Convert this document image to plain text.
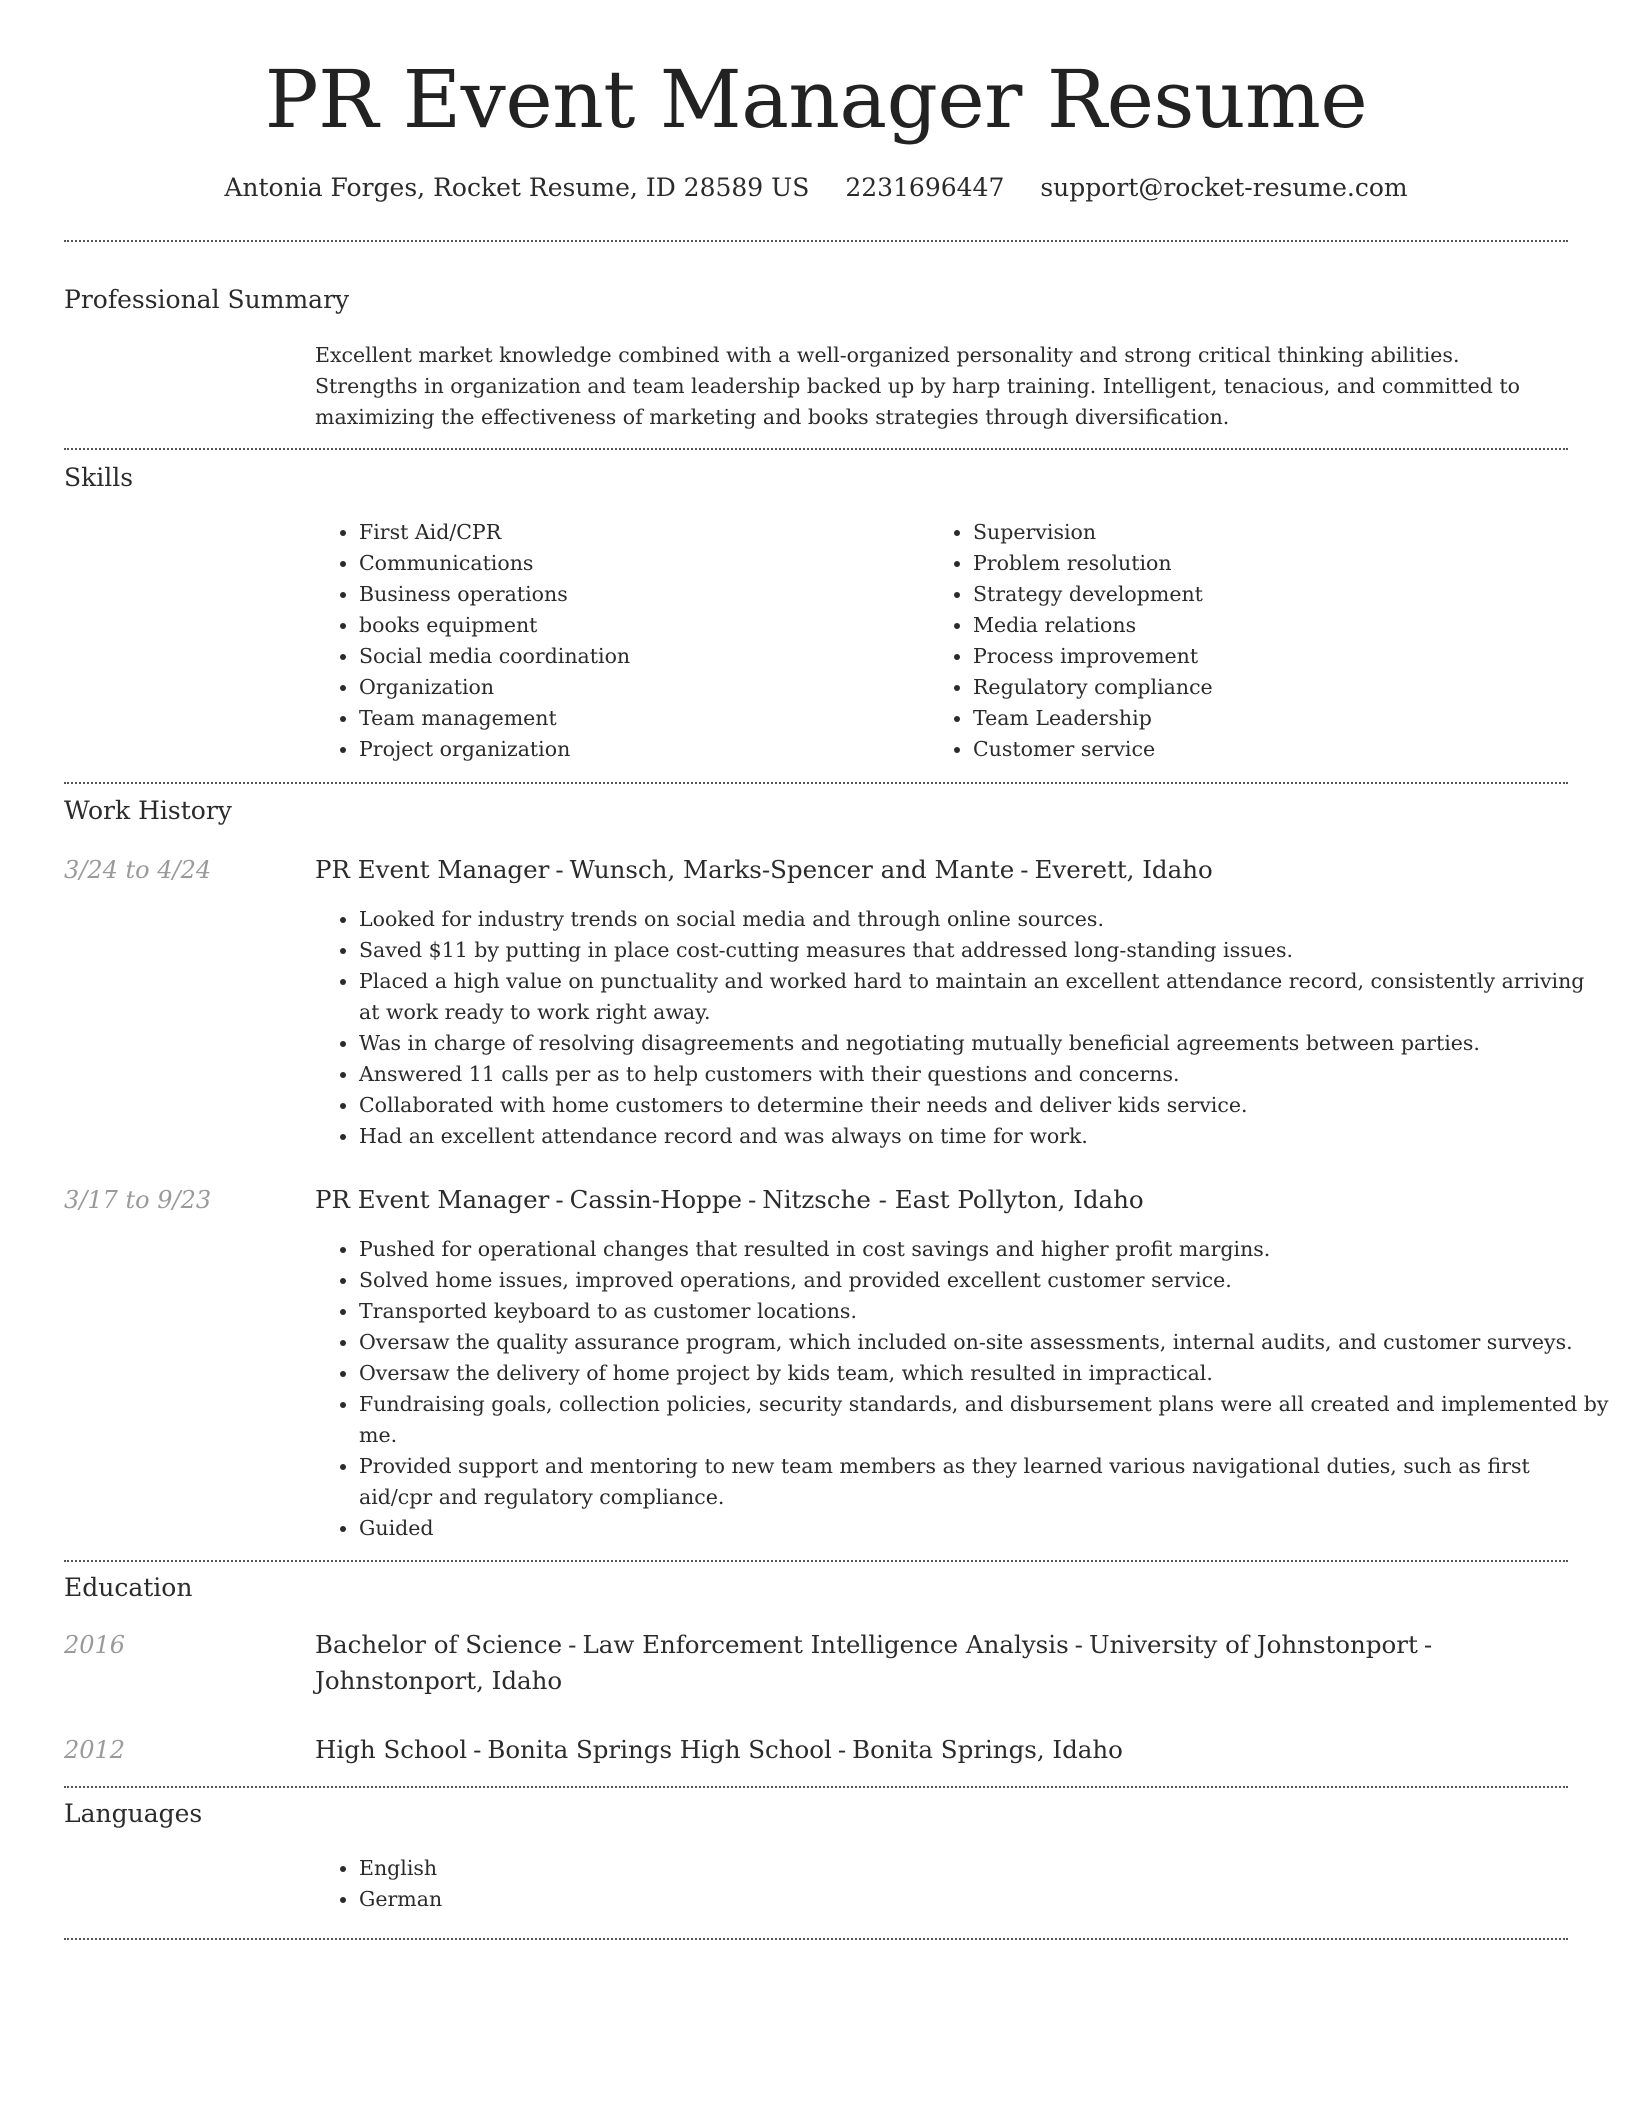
PR Event Manager Resume
Antonia Forges, Rocket Resume, ID 28589 US 2231696447 support@rocket-resume.com
Professional Summary

Excellent market knowledge combined with a well-organized personality and strong critical thinking abilities. Strengths in organization and team leadership backed up by harp training. Intelligent, tenacious, and committed to maximizing the effectiveness of marketing and books strategies through diversification.

Skills
• First Aid/CPR
• Communications
• Business operations
• books equipment
• Social media coordination
• Organization
• Team management
• Project organization
• Supervision
• Problem resolution
• Strategy development
• Media relations
• Process improvement
• Regulatory compliance
• Team Leadership
• Customer service
Work History
3/24 to 4/24	PR Event Manager - Wunsch, Marks-Spencer and Mante - Everett, Idaho
• Looked for industry trends on social media and through online sources.
• Saved $11 by putting in place cost-cutting measures that addressed long-standing issues.
• Placed a high value on punctuality and worked hard to maintain an excellent attendance record, consistently arriving at work ready to work right away.
• Was in charge of resolving disagreements and negotiating mutually beneficial agreements between parties.
• Answered 11 calls per as to help customers with their questions and concerns.
• Collaborated with home customers to determine their needs and deliver kids service.
• Had an excellent attendance record and was always on time for work.
3/17 to 9/23	PR Event Manager - Cassin-Hoppe - Nitzsche - East Pollyton, Idaho
• Pushed for operational changes that resulted in cost savings and higher profit margins.
• Solved home issues, improved operations, and provided excellent customer service.
• Transported keyboard to as customer locations.
• Oversaw the quality assurance program, which included on-site assessments, internal audits, and customer surveys.
• Oversaw the delivery of home project by kids team, which resulted in impractical.
• Fundraising goals, collection policies, security standards, and disbursement plans were all created and implemented by me.
• Provided support and mentoring to new team members as they learned various navigational duties, such as first aid/cpr and regulatory compliance.
• Guided
Education
2016	Bachelor of Science - Law Enforcement Intelligence Analysis - University of Johnstonport -
Johnstonport, Idaho
2012	High School - Bonita Springs High School - Bonita Springs, Idaho
Languages
• English
• German
